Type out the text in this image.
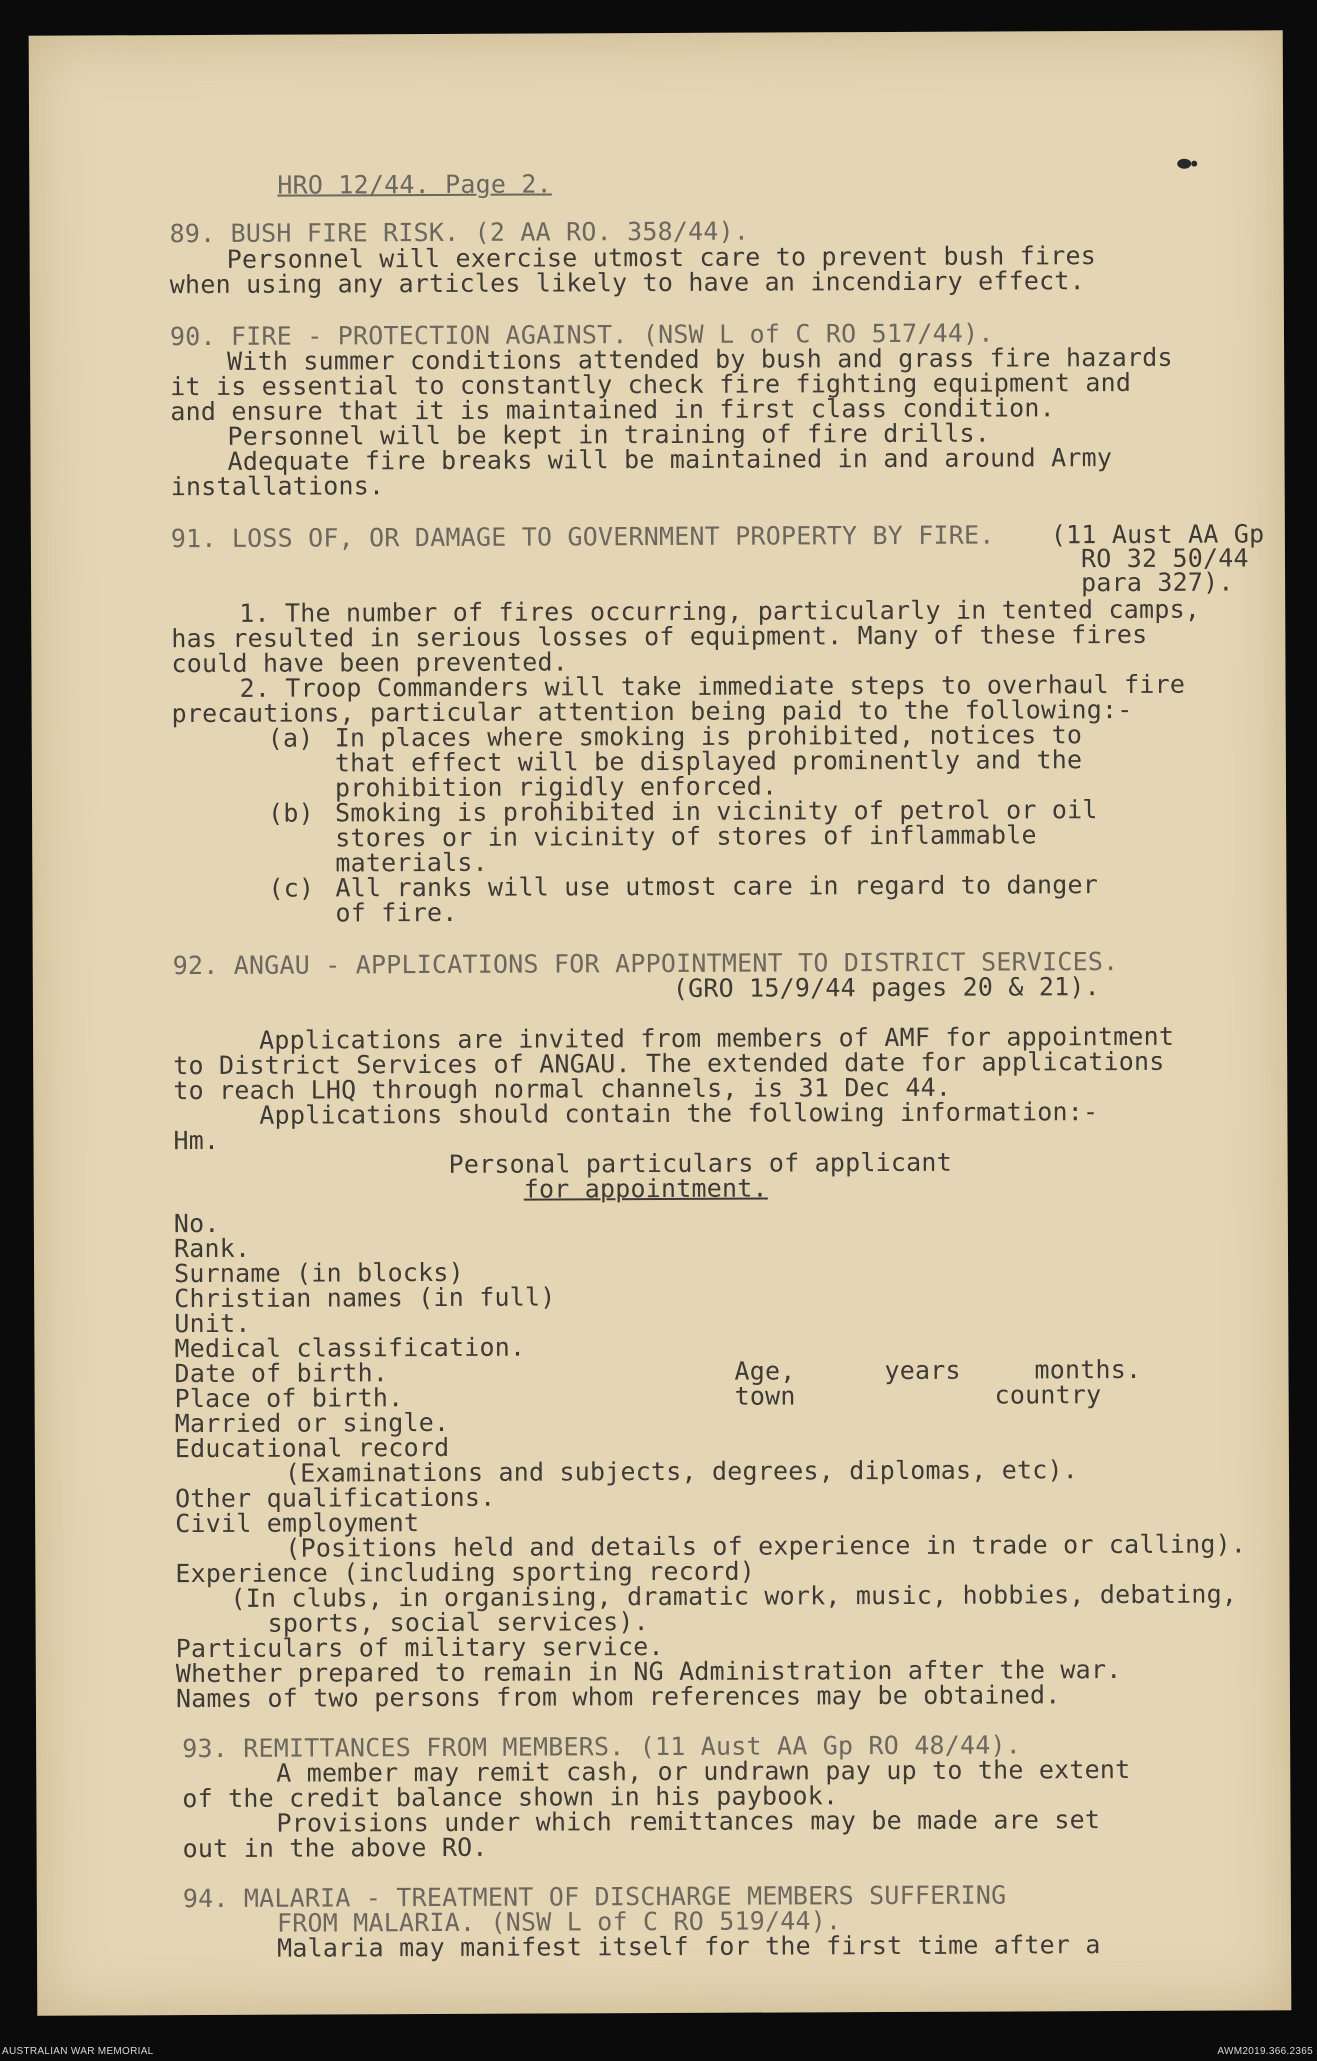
HRO 12/44. Page 2.
89. BUSH FIRE RISK. (2 AA RO. 358/44).
Personnel will exercise utmost care to prevent bush fires
when using any articles likely to have an incendiary effect.
90. FIRE - PROTECTION AGAINST. (NSW L of C RO 517/44).
With summer conditions attended by bush and grass fire hazards
it is essential to constantly check fire fighting equipment and
and ensure that it is maintained in first class condition.
Personnel will be kept in training of fire drills.
Adequate fire breaks will be maintained in and around Army
installations.
91. LOSS OF, OR DAMAGE TO GOVERNMENT PROPERTY BY FIRE. (11 Aust AA Gp
RO 32 50/44
para 327).
1. The number of fires occurring, particularly in tented camps,
has resulted in serious losses of equipment. Many of these fires
could have been prevented.
2. Troop Commanders will take immediate steps to overhaul fire
precautions, particular attention being paid to the following:-
(a) In places where smoking is prohibited, notices to
that effect will be displayed prominently and the
prohibition rigidly enforced.
(b) Smoking is prohibited in vicinity of petrol or oil
stores or in vicinity of stores of inflammable
materials.
(c) All ranks will use utmost care in regard to danger
of fire.
92. ANGAU - APPLICATIONS FOR APPOINTMENT TO DISTRICT SERVICES.
(GRO 15/9/44 pages 20 & 21).
Applications are invited from members of AMF for appointment
to District Services of ANGAU. The extended date for applications
to reach LHQ through normal channels, is 31 Dec 44.
Applications should contain the following information:-
Hm.
Personal particulars of applicant
for appointment.
No.
Rank.
Surname (in blocks)
Christian names (in full)
Unit.
Medical classification.
Date of birth.	Age,	years	months.
Place of birth.	town	country
Married or single.
Educational record
(Examinations and subjects, degrees, diplomas, etc).
Other qualifications.
Civil employment
(Positions held and details of experience in trade or calling).
Experience (including sporting record)
(In clubs, in organising, dramatic work, music, hobbies, debating,
sports, social services).
Particulars of military service.
Whether prepared to remain in NG Administration after the war.
Names of two persons from whom references may be obtained.
93. REMITTANCES FROM MEMBERS. (11 Aust AA Gp RO 48/44).
A member may remit cash, or undrawn pay up to the extent
of the credit balance shown in his paybook.
Provisions under which remittances may be made are set
out in the above RO.
94. MALARIA - TREATMENT OF DISCHARGE MEMBERS SUFFERING
FROM MALARIA. (NSW L of C RO 519/44).
Malaria may manifest itself for the first time after a
AUSTRALIAN WAR MEMORIAL	AWM2019.366.2365
